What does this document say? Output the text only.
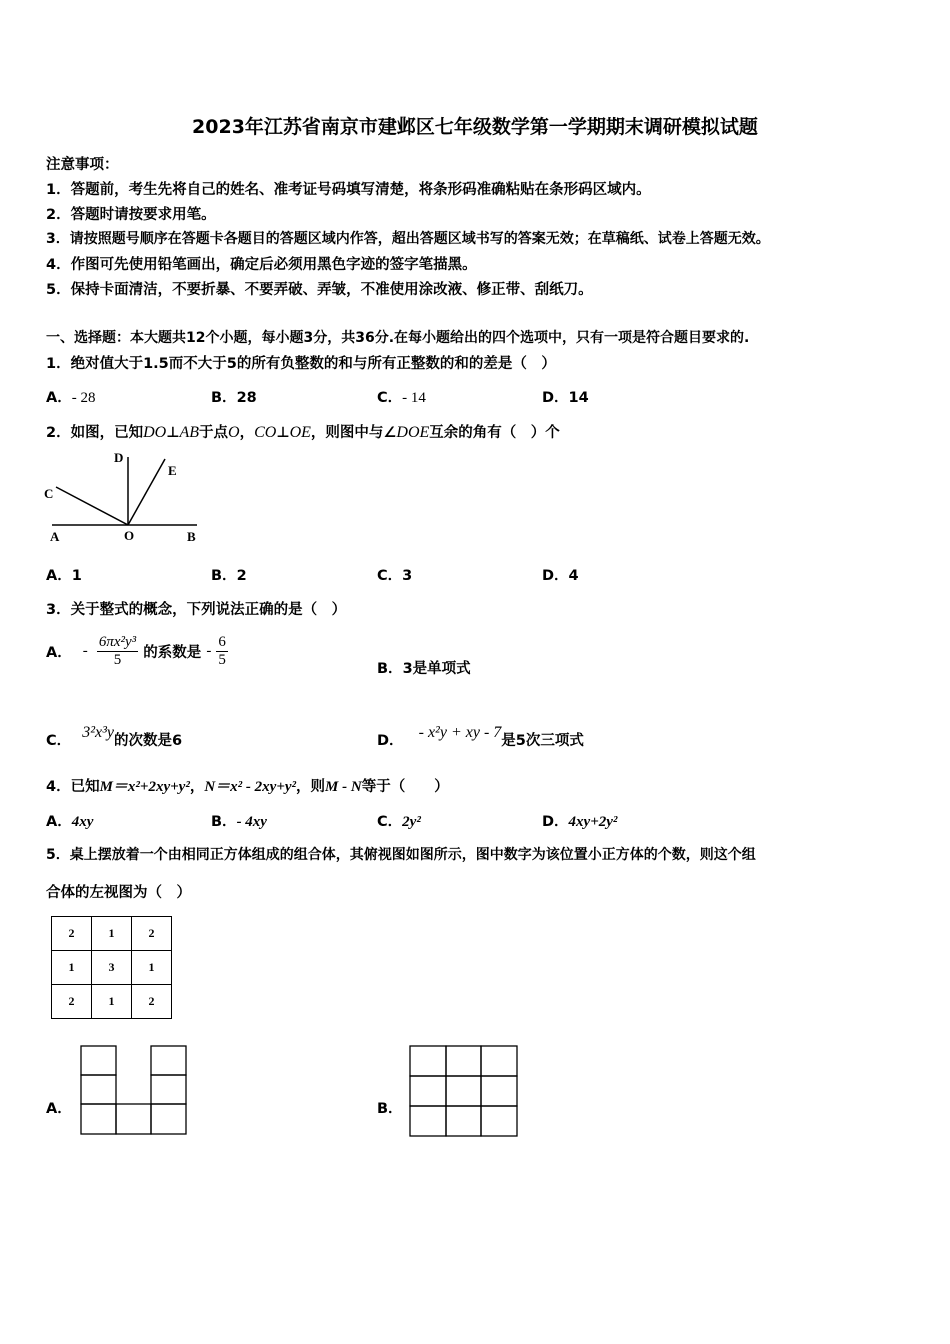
2023年江苏省南京市建邺区七年级数学第一学期期末调研模拟试题
注意事项：
1．答题前，考生先将自己的姓名、准考证号码填写清楚，将条形码准确粘贴在条形码区域内。
2．答题时请按要求用笔。
3．请按照题号顺序在答题卡各题目的答题区域内作答，超出答题区域书写的答案无效；在草稿纸、试卷上答题无效。
4．作图可先使用铅笔画出，确定后必须用黑色字迹的签字笔描黑。
5．保持卡面清洁，不要折暴、不要弄破、弄皱，不准使用涂改液、修正带、刮纸刀。
一、选择题：本大题共12个小题，每小题3分，共36分.在每小题给出的四个选项中，只有一项是符合题目要求的.
1．绝对值大于1.5而不大于5的所有负整数的和与所有正整数的和的差是（　）
A．- 28	B．28	C．- 14	D．14
2．如图，已知DO⊥AB于点O，CO⊥OE，则图中与∠DOE互余的角有（　）个
A	B
C
D
E
O
A．1	B．2	C．3	D．4
3．关于整式的概念，下列说法正确的是（　）
A． - $\frac{\text{6πx²y³}}{5}$ 的系数是 - $\frac{6}{5}$	B．3是单项式
C． 3²x³y的次数是6	D． - x²y + xy - 7是5次三项式
4．已知M＝x²+2xy+y²，N＝x² - 2xy+y²，则M - N等于（　　）
A．4xy	B．- 4xy	C．2y²	D．4xy+2y²
5．桌上摆放着一个由相同正方体组成的组合体，其俯视图如图所示，图中数字为该位置小正方体的个数，则这个组
合体的左视图为（　）
2	1	2
1	3	1
2	1	2
A．	B．
